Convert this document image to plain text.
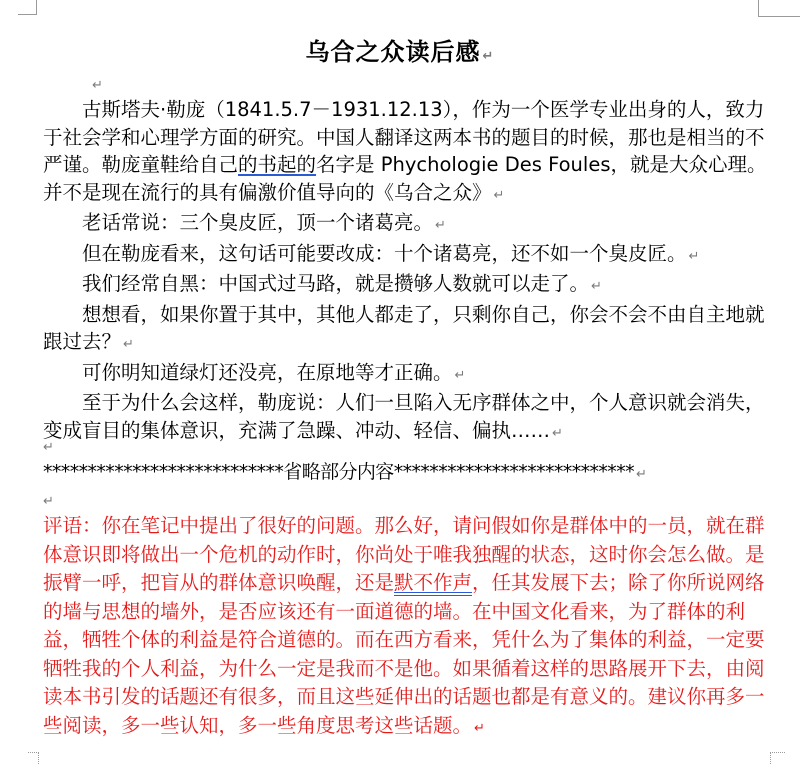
乌合之众读后感 ↵
↵

古斯塔夫·勒庞（1841.5.7－1931.12.13），作为一个医学专业出身的人，致力于社会学和心理学方面的研究。中国人翻译这两本书的题目的时候，那也是相当的不严谨。勒庞童鞋给自己的书起的名字是 Phychologie Des Foules，就是大众心理。并不是现在流行的具有偏激价值导向的《乌合之众》 ↵

老话常说：三个臭皮匠，顶一个诸葛亮。 ↵

但在勒庞看来，这句话可能要改成：十个诸葛亮，还不如一个臭皮匠。 ↵

我们经常自黑：中国式过马路，就是攒够人数就可以走了。 ↵

想想看，如果你置于其中，其他人都走了，只剩你自己，你会不会不由自主地就跟过去？ ↵

可你明知道绿灯还没亮，在原地等才正确。 ↵

至于为什么会这样，勒庞说：人们一旦陷入无序群体之中，个人意识就会消失，变成盲目的集体意识，充满了急躁、冲动、轻信、偏执…… ↵

↵
***************************省略部分内容*************************** ↵
↵
评语：你在笔记中提出了很好的问题。那么好，请问假如你是群体中的一员，就在群体意识即将做出一个危机的动作时，你尚处于唯我独醒的状态，这时你会怎么做。是振臂一呼，把盲从的群体意识唤醒，还是默不作声，任其发展下去；除了你所说网络的墙与思想的墙外，是否应该还有一面道德的墙。在中国文化看来，为了群体的利益，牺牲个体的利益是符合道德的。而在西方看来，凭什么为了集体的利益，一定要牺牲我的个人利益，为什么一定是我而不是他。如果循着这样的思路展开下去，由阅读本书引发的话题还有很多，而且这些延伸出的话题也都是有意义的。建议你再多一些阅读，多一些认知，多一些角度思考这些话题。 ↵
